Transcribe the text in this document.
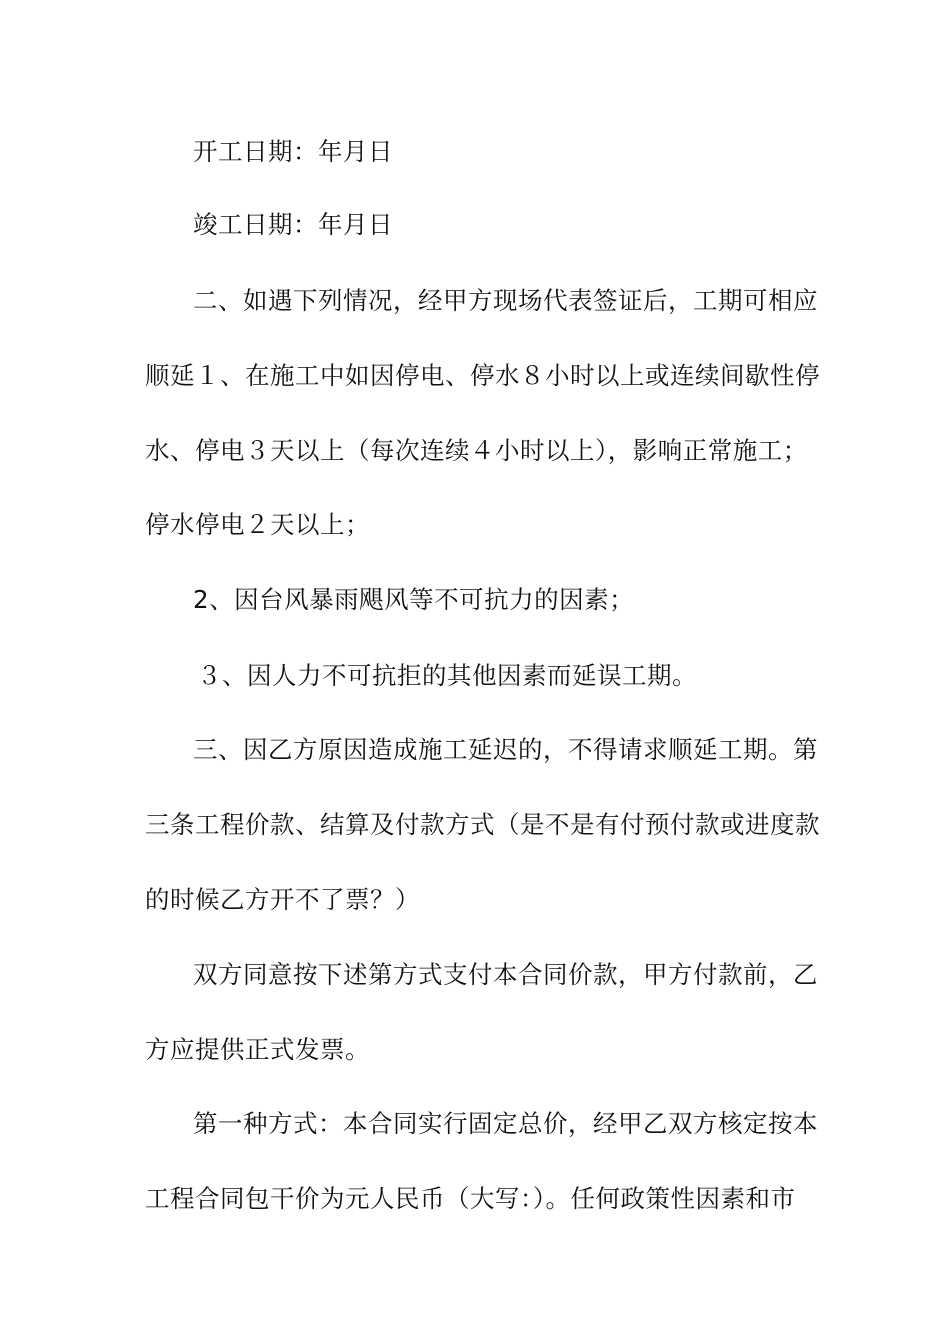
开工日期：年月日
竣工日期：年月日
二、如遇下列情况，经甲方现场代表签证后，工期可相应
顺延１、在施工中如因停电、停水８小时以上或连续间歇性停
水、停电３天以上（每次连续４小时以上），影响正常施工；
停水停电２天以上；
2、因台风暴雨飓风等不可抗力的因素；
３、因人力不可抗拒的其他因素而延误工期。
三、因乙方原因造成施工延迟的，不得请求顺延工期。第
三条工程价款、结算及付款方式（是不是有付预付款或进度款
的时候乙方开不了票？）
双方同意按下述第方式支付本合同价款，甲方付款前，乙
方应提供正式发票。
第一种方式：本合同实行固定总价，经甲乙双方核定按本
工程合同包干价为元人民币（大写：）。任何政策性因素和市
